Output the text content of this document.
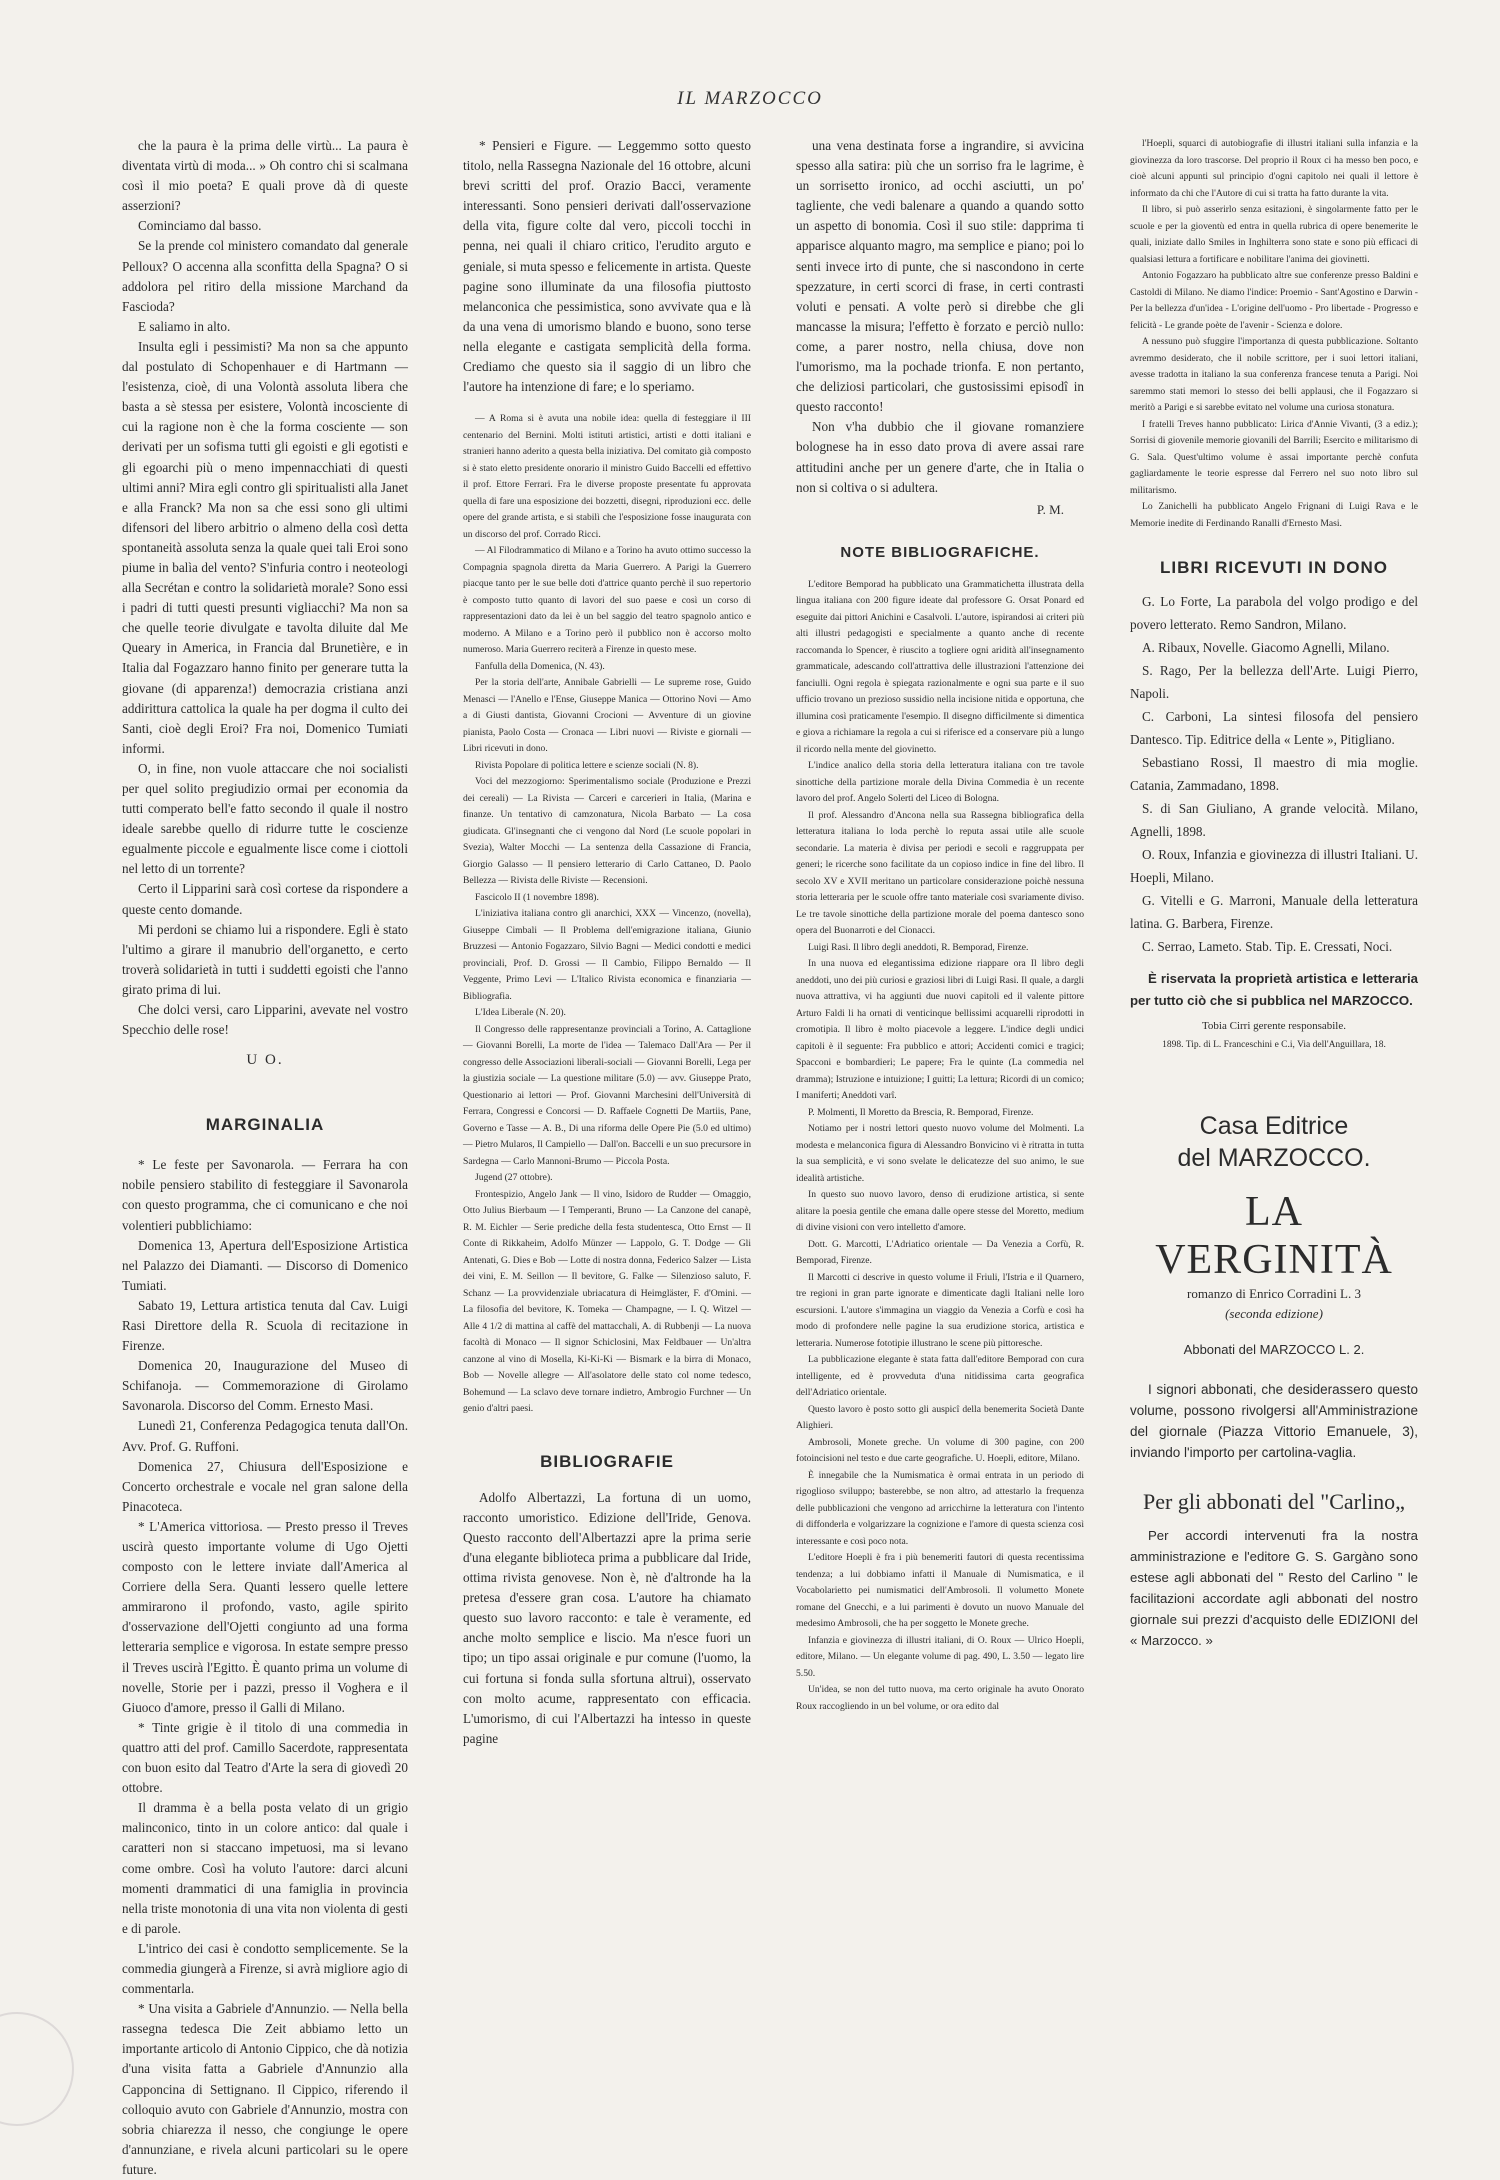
IL MARZOCCO

che la paura è la prima delle virtù... La paura è diventata virtù di moda... » Oh contro chi si scalmana così il mio poeta? E quali prove dà di queste asserzioni?

Cominciamo dal basso.

Se la prende col ministero comandato dal generale Pelloux? O accenna alla sconfitta della Spagna? O si addolora pel ritiro della missione Marchand da Fascioda?

E saliamo in alto.

Insulta egli i pessimisti? Ma non sa che appunto dal postulato di Schopenhauer e di Hartmann — l'esistenza, cioè, di una Volontà assoluta libera che basta a sè stessa per esistere, Volontà incosciente di cui la ragione non è che la forma cosciente — son derivati per un sofisma tutti gli egoisti e gli egotisti e gli egoarchi più o meno impennacchiati di questi ultimi anni? Mira egli contro gli spiritualisti alla Janet e alla Franck? Ma non sa che essi sono gli ultimi difensori del libero arbitrio o almeno della così detta spontaneità assoluta senza la quale quei tali Eroi sono piume in balìa del vento? S'infuria contro i neoteologi alla Secrétan e contro la solidarietà morale? Sono essi i padri di tutti questi presunti vigliacchi? Ma non sa che quelle teorie divulgate e tavolta diluite dal Me Queary in America, in Francia dal Brunetière, e in Italia dal Fogazzaro hanno finito per generare tutta la giovane (di apparenza!) democrazia cristiana anzi addirittura cattolica la quale ha per dogma il culto dei Santi, cioè degli Eroi? Fra noi, Domenico Tumiati informi.

O, in fine, non vuole attaccare che noi socialisti per quel solito pregiudizio ormai per economia da tutti comperato bell'e fatto secondo il quale il nostro ideale sarebbe quello di ridurre tutte le coscienze egualmente piccole e egualmente lisce come i ciottoli nel letto di un torrente?

Certo il Lipparini sarà così cortese da rispondere a queste cento domande.

Mi perdoni se chiamo lui a rispondere. Egli è stato l'ultimo a girare il manubrio dell'organetto, e certo troverà solidarietà in tutti i suddetti egoisti che l'anno girato prima di lui.

Che dolci versi, caro Lipparini, avevate nel vostro Specchio delle rose!

U O.
MARGINALIA

* Le feste per Savonarola. — Ferrara ha con nobile pensiero stabilito di festeggiare il Savonarola con questo programma, che ci comunicano e che noi volentieri pubblichiamo:

Domenica 13, Apertura dell'Esposizione Artistica nel Palazzo dei Diamanti. — Discorso di Domenico Tumiati.

Sabato 19, Lettura artistica tenuta dal Cav. Luigi Rasi Direttore della R. Scuola di recitazione in Firenze.

Domenica 20, Inaugurazione del Museo di Schifanoja. — Commemorazione di Girolamo Savonarola. Discorso del Comm. Ernesto Masi.

Lunedì 21, Conferenza Pedagogica tenuta dall'On. Avv. Prof. G. Ruffoni.

Domenica 27, Chiusura dell'Esposizione e Concerto orchestrale e vocale nel gran salone della Pinacoteca.

* L'America vittoriosa. — Presto presso il Treves uscirà questo importante volume di Ugo Ojetti composto con le lettere inviate dall'America al Corriere della Sera. Quanti lessero quelle lettere ammirarono il profondo, vasto, agile spirito d'osservazione dell'Ojetti congiunto ad una forma letteraria semplice e vigorosa. In estate sempre presso il Treves uscirà l'Egitto. È quanto prima un volume di novelle, Storie per i pazzi, presso il Voghera e il Giuoco d'amore, presso il Galli di Milano.

* Tinte grigie è il titolo di una commedia in quattro atti del prof. Camillo Sacerdote, rappresentata con buon esito dal Teatro d'Arte la sera di giovedì 20 ottobre.

Il dramma è a bella posta velato di un grigio malinconico, tinto in un colore antico: dal quale i caratteri non si staccano impetuosi, ma si levano come ombre. Così ha voluto l'autore: darci alcuni momenti drammatici di una famiglia in provincia nella triste monotonia di una vita non violenta di gesti e di parole.

L'intrico dei casi è condotto semplicemente. Se la commedia giungerà a Firenze, si avrà migliore agio di commentarla.

* Una visita a Gabriele d'Annunzio. — Nella bella rassegna tedesca Die Zeit abbiamo letto un importante articolo di Antonio Cippico, che dà notizia d'una visita fatta a Gabriele d'Annunzio alla Capponcina di Settignano. Il Cippico, riferendo il colloquio avuto con Gabriele d'Annunzio, mostra con sobria chiarezza il nesso, che congiunge le opere d'annunziane, e rivela alcuni particolari su le opere future.

* Pensieri e Figure. — Leggemmo sotto questo titolo, nella Rassegna Nazionale del 16 ottobre, alcuni brevi scritti del prof. Orazio Bacci, veramente interessanti. Sono pensieri derivati dall'osservazione della vita, figure colte dal vero, piccoli tocchi in penna, nei quali il chiaro critico, l'erudito arguto e geniale, si muta spesso e felicemente in artista. Queste pagine sono illuminate da una filosofia piuttosto melanconica che pessimistica, sono avvivate qua e là da una vena di umorismo blando e buono, sono terse nella elegante e castigata semplicità della forma. Crediamo che questo sia il saggio di un libro che l'autore ha intenzione di fare; e lo speriamo.

— A Roma si è avuta una nobile idea: quella di festeggiare il III centenario del Bernini. Molti istituti artistici, artisti e dotti italiani e stranieri hanno aderito a questa bella iniziativa. Del comitato già composto si è stato eletto presidente onorario il ministro Guido Baccelli ed effettivo il prof. Ettore Ferrari. Fra le diverse proposte presentate fu approvata quella di fare una esposizione dei bozzetti, disegni, riproduzioni ecc. delle opere del grande artista, e si stabilì che l'esposizione fosse inaugurata con un discorso del prof. Corrado Ricci.

— Al Filodrammatico di Milano e a Torino ha avuto ottimo successo la Compagnia spagnola diretta da Maria Guerrero. A Parigi la Guerrero piacque tanto per le sue belle doti d'attrice quanto perchè il suo repertorio è composto tutto quanto di lavori del suo paese e così un corso di rappresentazioni dato da lei è un bel saggio del teatro spagnolo antico e moderno. A Milano e a Torino però il pubblico non è accorso molto numeroso. Maria Guerrero reciterà a Firenze in questo mese.

Fanfulla della Domenica, (N. 43).

Per la storia dell'arte, Annibale Gabrielli — Le supreme rose, Guido Menasci — l'Anello e l'Ense, Giuseppe Manica — Ottorino Novi — Amo a di Giusti dantista, Giovanni Crocioni — Avventure di un giovine pianista, Paolo Costa — Cronaca — Libri nuovi — Riviste e giornali — Libri ricevuti in dono.

Rivista Popolare di politica lettere e scienze sociali (N. 8).

Voci del mezzogiorno: Sperimentalismo sociale (Produzione e Prezzi dei cereali) — La Rivista — Carceri e carcerieri in Italia, (Marina e finanze. Un tentativo di camzonatura, Nicola Barbato — La cosa giudicata. Gl'insegnanti che ci vengono dal Nord (Le scuole popolari in Svezia), Walter Mocchi — La sentenza della Cassazione di Francia, Giorgio Galasso — Il pensiero letterario di Carlo Cattaneo, D. Paolo Bellezza — Rivista delle Riviste — Recensioni.

Fascicolo II (1 novembre 1898).

L'iniziativa italiana contro gli anarchici, XXX — Vincenzo, (novella), Giuseppe Cimbali — Il Problema dell'emigrazione italiana, Giunio Bruzzesi — Antonio Fogazzaro, Silvio Bagni — Medici condotti e medici provinciali, Prof. D. Grossi — Il Cambio, Filippo Bernaldo — Il Veggente, Primo Levi — L'Italico Rivista economica e finanziaria — Bibliografia.

L'Idea Liberale (N. 20).

Il Congresso delle rappresentanze provinciali a Torino, A. Cattaglione — Giovanni Borelli, La morte de l'idea — Talemaco Dall'Ara — Per il congresso delle Associazioni liberali-sociali — Giovanni Borelli, Lega per la giustizia sociale — La questione militare (5.0) — avv. Giuseppe Prato, Questionario ai lettori — Prof. Giovanni Marchesini dell'Università di Ferrara, Congressi e Concorsi — D. Raffaele Cognetti De Martiis, Pane, Governo e Tasse — A. B., Di una riforma delle Opere Pie (5.0 ed ultimo) — Pietro Mularos, Il Campiello — Dall'on. Baccelli e un suo precursore in Sardegna — Carlo Mannoni-Brumo — Piccola Posta.

Jugend (27 ottobre).

Frontespizio, Angelo Jank — Il vino, Isidoro de Rudder — Omaggio, Otto Julius Bierbaum — I Temperanti, Bruno — La Canzone del canapè, R. M. Eichler — Serie prediche della festa studentesca, Otto Ernst — Il Conte di Rikkaheim, Adolfo Münzer — Lappolo, G. T. Dodge — Gli Antenati, G. Dies e Bob — Lotte di nostra donna, Federico Salzer — Lista dei vini, E. M. Seillon — Il bevitore, G. Falke — Silenzioso saluto, F. Schanz — La provvidenziale ubriacatura di Heimgläster, F. d'Omini. — La filosofia del bevitore, K. Tomeka — Champagne, — I. Q. Witzel — Alle 4 1/2 di mattina al caffè del mattacchali, A. di Rubbenji — La nuova facoltà di Monaco — Il signor Schiclosini, Max Feldbauer — Un'altra canzone al vino di Mosella, Ki-Ki-Ki — Bismark e la birra di Monaco, Bob — Novelle allegre — All'asolatore delle stato col nome tedesco, Bohemund — La sclavo deve tornare indietro, Ambrogio Furchner — Un genio d'altri paesi.

BIBLIOGRAFIE

Adolfo Albertazzi, La fortuna di un uomo, racconto umoristico. Edizione dell'Iride, Genova. Questo racconto dell'Albertazzi apre la prima serie d'una elegante biblioteca prima a pubblicare dal Iride, ottima rivista genovese. Non è, nè d'altronde ha la pretesa d'essere gran cosa. L'autore ha chiamato questo suo lavoro racconto: e tale è veramente, ed anche molto semplice e liscio. Ma n'esce fuori un tipo; un tipo assai originale e pur comune (l'uomo, la cui fortuna si fonda sulla sfortuna altrui), osservato con molto acume, rappresentato con efficacia. L'umorismo, di cui l'Albertazzi ha intesso in queste pagine

una vena destinata forse a ingrandire, si avvicina spesso alla satira: più che un sorriso fra le lagrime, è un sorrisetto ironico, ad occhi asciutti, un po' tagliente, che vedi balenare a quando a quando sotto un aspetto di bonomia. Così il suo stile: dapprima ti apparisce alquanto magro, ma semplice e piano; poi lo senti invece irto di punte, che si nascondono in certe spezzature, in certi scorci di frase, in certi contrasti voluti e pensati. A volte però si direbbe che gli mancasse la misura; l'effetto è forzato e perciò nullo: come, a parer nostro, nella chiusa, dove non l'umorismo, ma la pochade trionfa. E non pertanto, che deliziosi particolari, che gustosissimi episodî in questo racconto!

Non v'ha dubbio che il giovane romanziere bolognese ha in esso dato prova di avere assai rare attitudini anche per un genere d'arte, che in Italia o non si coltiva o si adultera.

P. M.
NOTE BIBLIOGRAFICHE.

L'editore Bemporad ha pubblicato una Grammatichetta illustrata della lingua italiana con 200 figure ideate dal professore G. Orsat Ponard ed eseguite dai pittori Anichini e Casalvoli. L'autore, ispirandosi ai criteri più alti illustri pedagogisti e specialmente a quanto anche di recente raccomanda lo Spencer, è riuscito a togliere ogni aridità all'insegnamento grammaticale, adescando coll'attrattiva delle illustrazioni l'attenzione dei fanciulli. Ogni regola è spiegata razionalmente e ogni sua parte e il suo ufficio trovano un prezioso sussidio nella incisione nitida e opportuna, che illumina così praticamente l'esempio. Il disegno difficilmente si dimentica e giova a richiamare la regola a cui si riferisce ed a conservare più a lungo il ricordo nella mente del giovinetto.

L'indice analico della storia della letteratura italiana con tre tavole sinottiche della partizione morale della Divina Commedia è un recente lavoro del prof. Angelo Solerti del Liceo di Bologna.

Il prof. Alessandro d'Ancona nella sua Rassegna bibliografica della letteratura italiana lo loda perchè lo reputa assai utile alle scuole secondarie. La materia è divisa per periodi e secoli e raggruppata per generi; le ricerche sono facilitate da un copioso indice in fine del libro. Il secolo XV e XVII meritano un particolare considerazione poichè nessuna storia letteraria per le scuole offre tanto materiale così svariamente diviso. Le tre tavole sinottiche della partizione morale del poema dantesco sono opera del Buonarroti e del Cionacci.

Luigi Rasi. Il libro degli aneddoti, R. Bemporad, Firenze.

In una nuova ed elegantissima edizione riappare ora Il libro degli aneddoti, uno dei più curiosi e graziosi libri di Luigi Rasi. Il quale, a dargli nuova attrattiva, vi ha aggiunti due nuovi capitoli ed il valente pittore Arturo Faldi li ha ornati di venticinque bellissimi acquarelli riprodotti in cromotipia. Il libro è molto piacevole a leggere. L'indice degli undici capitoli è il seguente: Fra pubblico e attori; Accidenti comici e tragici; Spacconi e bombardieri; Le papere; Fra le quinte (La commedia nel dramma); Istruzione e intuizione; I guitti; La lettura; Ricordi di un comico; I maniferti; Aneddoti varî.

P. Molmenti, Il Moretto da Brescia, R. Bemporad, Firenze.

Notiamo per i nostri lettori questo nuovo volume del Molmenti. La modesta e melanconica figura di Alessandro Bonvicino vi è ritratta in tutta la sua semplicità, e vi sono svelate le delicatezze del suo animo, le sue idealità artistiche.

In questo suo nuovo lavoro, denso di erudizione artistica, si sente alitare la poesia gentile che emana dalle opere stesse del Moretto, medium di divine visioni con vero intelletto d'amore.

Dott. G. Marcotti, L'Adriatico orientale — Da Venezia a Corfù, R. Bemporad, Firenze.

Il Marcotti ci descrive in questo volume il Friuli, l'Istria e il Quarnero, tre regioni in gran parte ignorate e dimenticate dagli Italiani nelle loro escursioni. L'autore s'immagina un viaggio da Venezia a Corfù e così ha modo di profondere nelle pagine la sua erudizione storica, artistica e letteraria. Numerose fototipie illustrano le scene più pittoresche.

La pubblicazione elegante è stata fatta dall'editore Bemporad con cura intelligente, ed è provveduta d'una nitidissima carta geografica dell'Adriatico orientale.

Questo lavoro è posto sotto gli auspicî della benemerita Società Dante Alighieri.

Ambrosoli, Monete greche. Un volume di 300 pagine, con 200 fotoincisioni nel testo e due carte geografiche. U. Hoepli, editore, Milano.

È innegabile che la Numismatica è ormai entrata in un periodo di rigoglioso sviluppo; basterebbe, se non altro, ad attestarlo la frequenza delle pubblicazioni che vengono ad arricchirne la letteratura con l'intento di diffonderla e volgarizzare la cognizione e l'amore di questa scienza così interessante e così poco nota.

L'editore Hoepli è fra i più benemeriti fautori di questa recentissima tendenza; a lui dobbiamo infatti il Manuale di Numismatica, e il Vocabolarietto pei numismatici dell'Ambrosoli. Il volumetto Monete romane del Gnecchi, e a lui parimenti è dovuto un nuovo Manuale del medesimo Ambrosoli, che ha per soggetto le Monete greche.

Infanzia e giovinezza di illustri italiani, di O. Roux — Ulrico Hoepli, editore, Milano. — Un elegante volume di pag. 490, L. 3.50 — legato lire 5.50.

Un'idea, se non del tutto nuova, ma certo originale ha avuto Onorato Roux raccogliendo in un bel volume, or ora edito dal

l'Hoepli, squarci di autobiografie di illustri italiani sulla infanzia e la giovinezza da loro trascorse. Del proprio il Roux ci ha messo ben poco, e cioè alcuni appunti sul principio d'ogni capitolo nei quali il lettore è informato da chi che l'Autore di cui si tratta ha fatto durante la vita.

Il libro, si può asserirlo senza esitazioni, è singolarmente fatto per le scuole e per la gioventù ed entra in quella rubrica di opere benemerite le quali, iniziate dallo Smiles in Inghilterra sono state e sono più efficaci di qualsiasi lettura a fortificare e nobilitare l'anima dei giovinetti.

Antonio Fogazzaro ha pubblicato altre sue conferenze presso Baldini e Castoldi di Milano. Ne diamo l'indice: Proemio - Sant'Agostino e Darwin - Per la bellezza d'un'idea - L'origine dell'uomo - Pro libertade - Progresso e felicità - Le grande poète de l'avenir - Scienza e dolore.

A nessuno può sfuggire l'importanza di questa pubblicazione. Soltanto avremmo desiderato, che il nobile scrittore, per i suoi lettori italiani, avesse tradotta in italiano la sua conferenza francese tenuta a Parigi. Noi saremmo stati memori lo stesso dei belli applausi, che il Fogazzaro si meritò a Parigi e si sarebbe evitato nel volume una curiosa stonatura.

I fratelli Treves hanno pubblicato: Lirica d'Annie Vivanti, (3 a ediz.); Sorrisi di giovenile memorie giovanili del Barrili; Esercito e militarismo di G. Sala. Quest'ultimo volume è assai importante perchè confuta gagliardamente le teorie espresse dal Ferrero nel suo noto libro sul militarismo.

Lo Zanichelli ha pubblicato Angelo Frignani di Luigi Rava e le Memorie inedite di Ferdinando Ranalli d'Ernesto Masi.

LIBRI RICEVUTI IN DONO

G. Lo Forte, La parabola del volgo prodigo e del povero letterato. Remo Sandron, Milano.

A. Ribaux, Novelle. Giacomo Agnelli, Milano.

S. Rago, Per la bellezza dell'Arte. Luigi Pierro, Napoli.

C. Carboni, La sintesi filosofa del pensiero Dantesco. Tip. Editrice della « Lente », Pitigliano.

Sebastiano Rossi, Il maestro di mia moglie. Catania, Zammadano, 1898.

S. di San Giuliano, A grande velocità. Milano, Agnelli, 1898.

O. Roux, Infanzia e giovinezza di illustri Italiani. U. Hoepli, Milano.

G. Vitelli e G. Marroni, Manuale della letteratura latina. G. Barbera, Firenze.

C. Serrao, Lameto. Stab. Tip. E. Cressati, Noci.

È riservata la proprietà artistica e letteraria per tutto ciò che si pubblica nel MARZOCCO.
Tobia Cirri gerente responsabile.
1898. Tip. di L. Franceschini e C.i, Via dell'Anguillara, 18.
Casa Editrice
del MARZOCCO.
LA VERGINITÀ
romanzo di Enrico Corradini L. 3
(seconda edizione)
Abbonati del MARZOCCO L. 2.
I signori abbonati, che desiderassero questo volume, possono rivolgersi all'Amministrazione del giornale (Piazza Vittorio Emanuele, 3), inviando l'importo per cartolina-vaglia.
Per gli abbonati del "Carlino„
Per accordi intervenuti fra la nostra amministrazione e l'editore G. S. Gargàno sono estese agli abbonati del " Resto del Carlino " le facilitazioni accordate agli abbonati del nostro giornale sui prezzi d'acquisto delle EDIZIONI del « Marzocco. »
